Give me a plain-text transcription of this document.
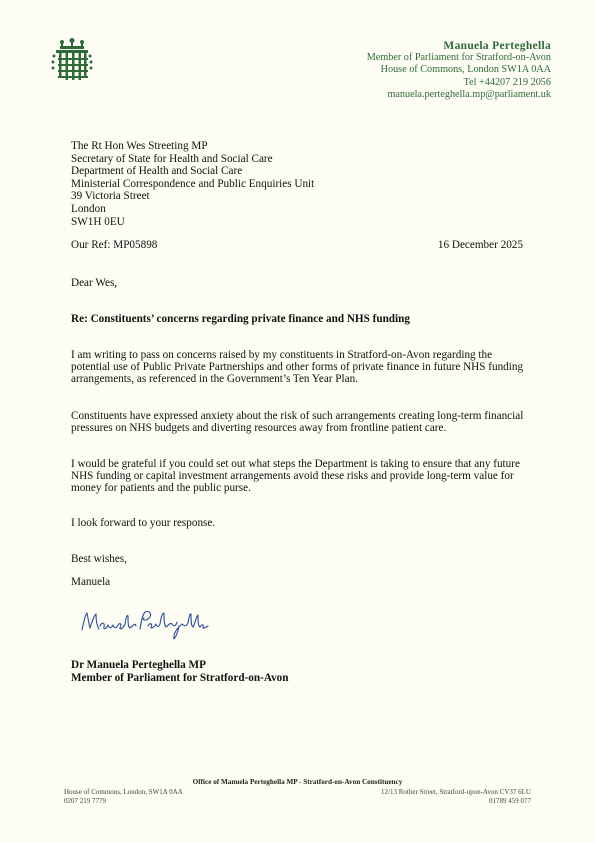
Manuela Perteghella
Member of Parliament for Stratford-on-Avon
House of Commons, London SW1A 0AA
Tel +44207 219 2056
manuela.perteghella.mp@parliament.uk
The Rt Hon Wes Streeting MP
Secretary of State for Health and Social Care
Department of Health and Social Care
Ministerial Correspondence and Public Enquiries Unit
39 Victoria Street
London
SW1H 0EU
Our Ref: MP05898	16 December 2025
Dear Wes,
Re: Constituents’ concerns regarding private finance and NHS funding
I am writing to pass on concerns raised by my constituents in Stratford-on-Avon regarding the potential use of Public Private Partnerships and other forms of private finance in future NHS funding arrangements, as referenced in the Government’s Ten Year Plan.
Constituents have expressed anxiety about the risk of such arrangements creating long-term financial pressures on NHS budgets and diverting resources away from frontline patient care.
I would be grateful if you could set out what steps the Department is taking to ensure that any future NHS funding or capital investment arrangements avoid these risks and provide long-term value for money for patients and the public purse.
I look forward to your response.
Best wishes,
Manuela
Dr Manuela Perteghella MP
Member of Parliament for Stratford-on-Avon
Office of Manuela Perteghella MP - Stratford-on-Avon Constituency
House of Commons, London, SW1A 0AA
0207 219 7779
12/13 Rother Street, Stratford-upon-Avon CV37 6LU
01789 459 077
